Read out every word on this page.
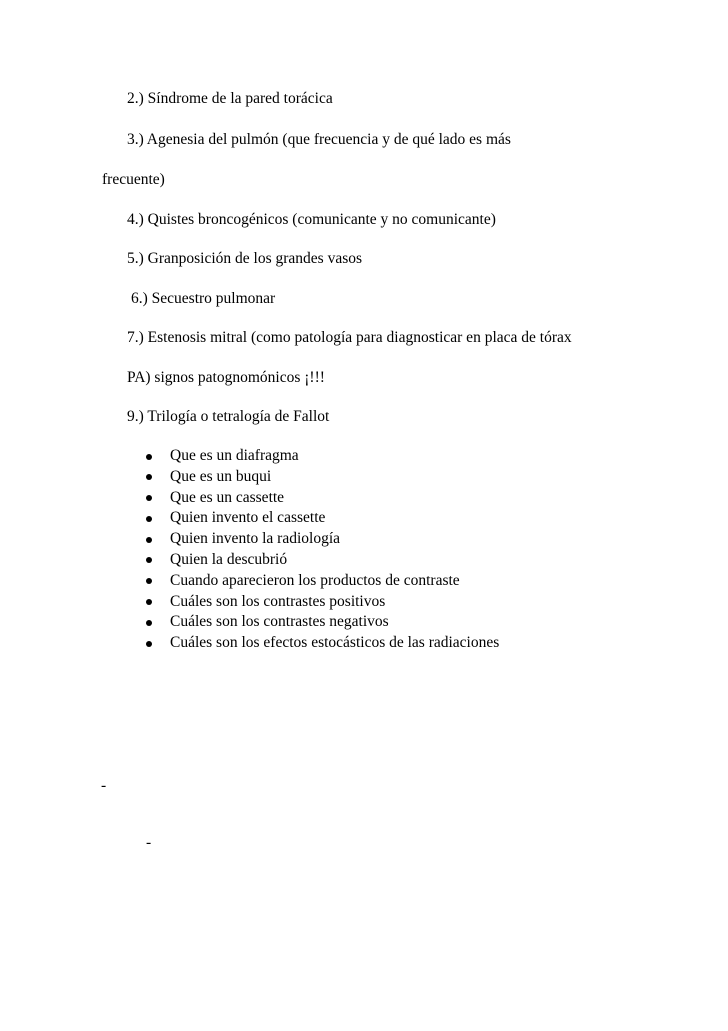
2.) Síndrome de la pared torácica
3.) Agenesia del pulmón (que frecuencia y de qué lado es más
frecuente)
4.) Quistes broncogénicos (comunicante y no comunicante)
5.) Granposición de los grandes vasos
6.) Secuestro pulmonar
7.) Estenosis mitral (como patología para diagnosticar en placa de tórax
PA) signos patognomónicos ¡!!!
9.) Trilogía o tetralogía de Fallot
Que es un diafragma
Que es un buqui
Que es un cassette
Quien invento el cassette
Quien invento la radiología
Quien la descubrió
Cuando aparecieron los productos de contraste
Cuáles son los contrastes positivos
Cuáles son los contrastes negativos
Cuáles son los efectos estocásticos de las radiaciones
-
-
